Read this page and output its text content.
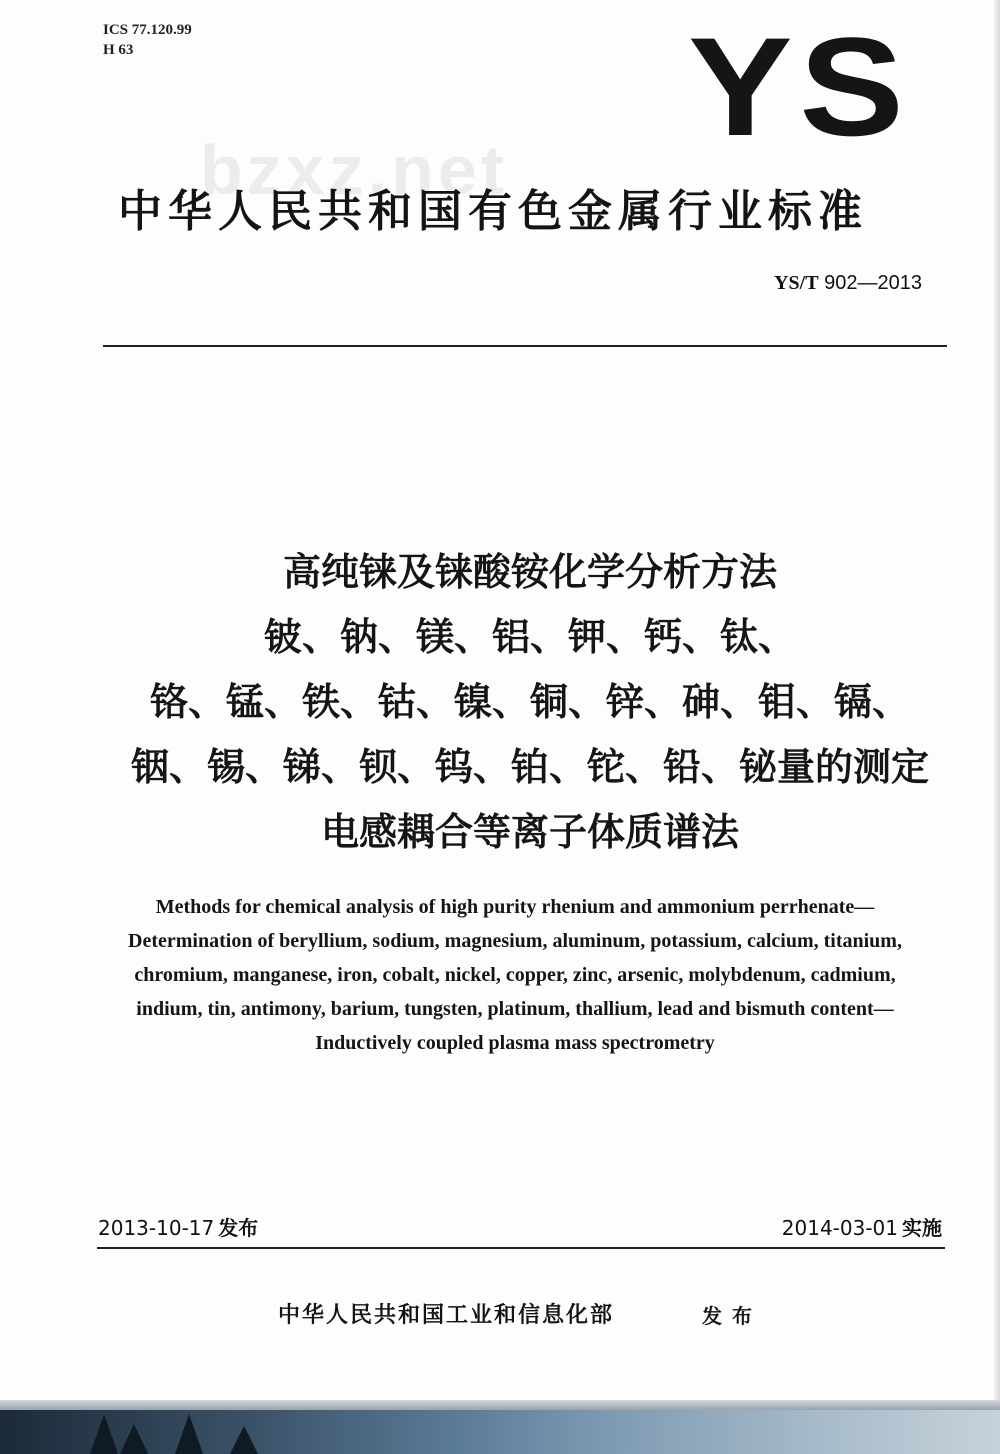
ICS 77.120.99
H 63
bzxz.net
YS
中华人民共和国有色金属行业标准
YS/T 902—2013
高纯铼及铼酸铵化学分析方法
铍、钠、镁、铝、钾、钙、钛、
铬、锰、铁、钴、镍、铜、锌、砷、钼、镉、
铟、锡、锑、钡、钨、铂、铊、铅、铋量的测定
电感耦合等离子体质谱法
Methods for chemical analysis of high purity rhenium and ammonium perrhenate—
Determination of beryllium, sodium, magnesium, aluminum, potassium, calcium, titanium,
chromium, manganese, iron, cobalt, nickel, copper, zinc, arsenic, molybdenum, cadmium,
indium, tin, antimony, barium, tungsten, platinum, thallium, lead and bismuth content—
Inductively coupled plasma mass spectrometry
2013-10-17 发布	2014-03-01 实施
中华人民共和国工业和信息化部	发布
